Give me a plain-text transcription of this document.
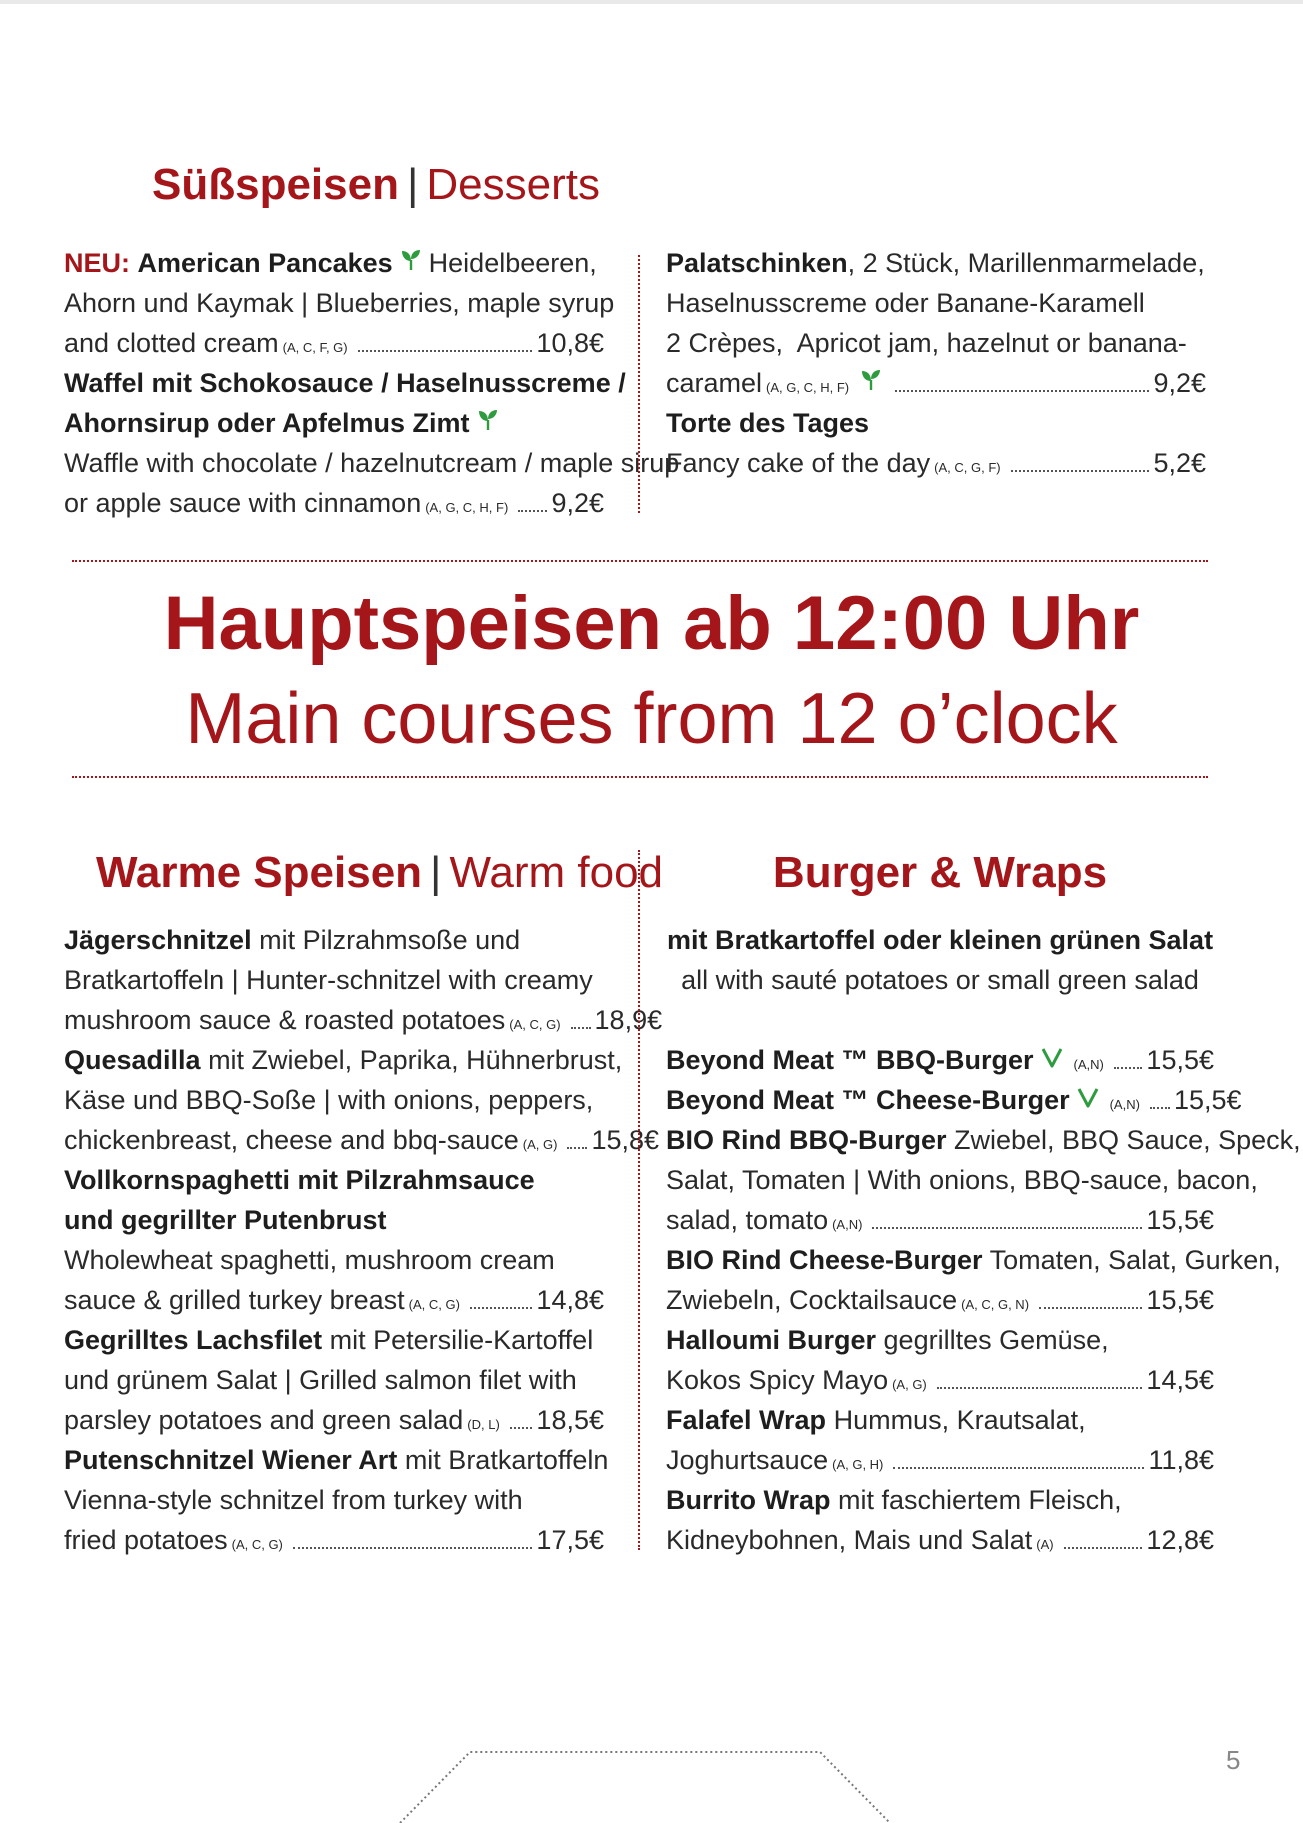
Süßspeisen | Desserts
NEU:
American Pancakes Heidelbeeren,
Ahorn und Kaymak | Blueberries, maple syrup
and clotted cream (A, C, F, G)	10,8€
Waffel mit Schokosauce / Haselnusscreme /
Ahornsirup oder Apfelmus Zimt
Waffle with chocolate / hazelnutcream / maple sirup
or apple sauce with cinnamon (A, G, C, H, F) 9,2€
Palatschinken , 2 Stück, Marillenmarmelade,
Haselnusscreme oder Banane-Karamell
2 Crèpes,  Apricot jam, hazelnut or banana-
caramel (A, G, C, H, F)	9,2€
Torte des Tages
Fancy cake of the day (A, C, G, F)	5,2€
Hauptspeisen ab 12:00 Uhr
Main courses from 12 o’clock
Warme Speisen | Warm food
Jägerschnitzel mit Pilzrahmsoße und
Bratkartoffeln | Hunter-schnitzel with creamy
mushroom sauce & roasted potatoes (A, C, G) 18,9€
Quesadilla mit Zwiebel, Paprika, Hühnerbrust,
Käse und BBQ-Soße | with onions, peppers,
chickenbreast, cheese and bbq-sauce (A, G) 15,8€
Vollkornspaghetti mit Pilzrahmsauce
und gegrillter Putenbrust
Wholewheat spaghetti, mushroom cream
sauce & grilled turkey breast (A, C, G)	14,8€
Gegrilltes Lachsfilet mit Petersilie-Kartoffel
und grünem Salat | Grilled salmon filet with
parsley potatoes and green salad (D, L) 18,5€
Putenschnitzel Wiener Art mit Bratkartoffeln
Vienna-style schnitzel from turkey with
fried potatoes (A, C, G)	17,5€
Burger & Wraps
mit Bratkartoffel oder kleinen grünen Salat
all with sauté potatoes or small green salad
Beyond Meat ™ BBQ-Burger	(A,N) 15,5€
Beyond Meat ™ Cheese-Burger	(A,N) 15,5€
BIO Rind BBQ-Burger Zwiebel, BBQ Sauce, Speck,
Salat, Tomaten | With onions, BBQ-sauce, bacon,
salad, tomato (A,N)	15,5€
BIO Rind Cheese-Burger Tomaten, Salat, Gurken,
Zwiebeln, Cocktailsauce (A, C, G, N)	15,5€
Halloumi Burger gegrilltes Gemüse,
Kokos Spicy Mayo (A, G)	14,5€
Falafel Wrap Hummus, Krautsalat,
Joghurtsauce (A, G, H)	11,8€
Burrito Wrap mit faschiertem Fleisch,
Kidneybohnen, Mais und Salat (A)	12,8€
5
